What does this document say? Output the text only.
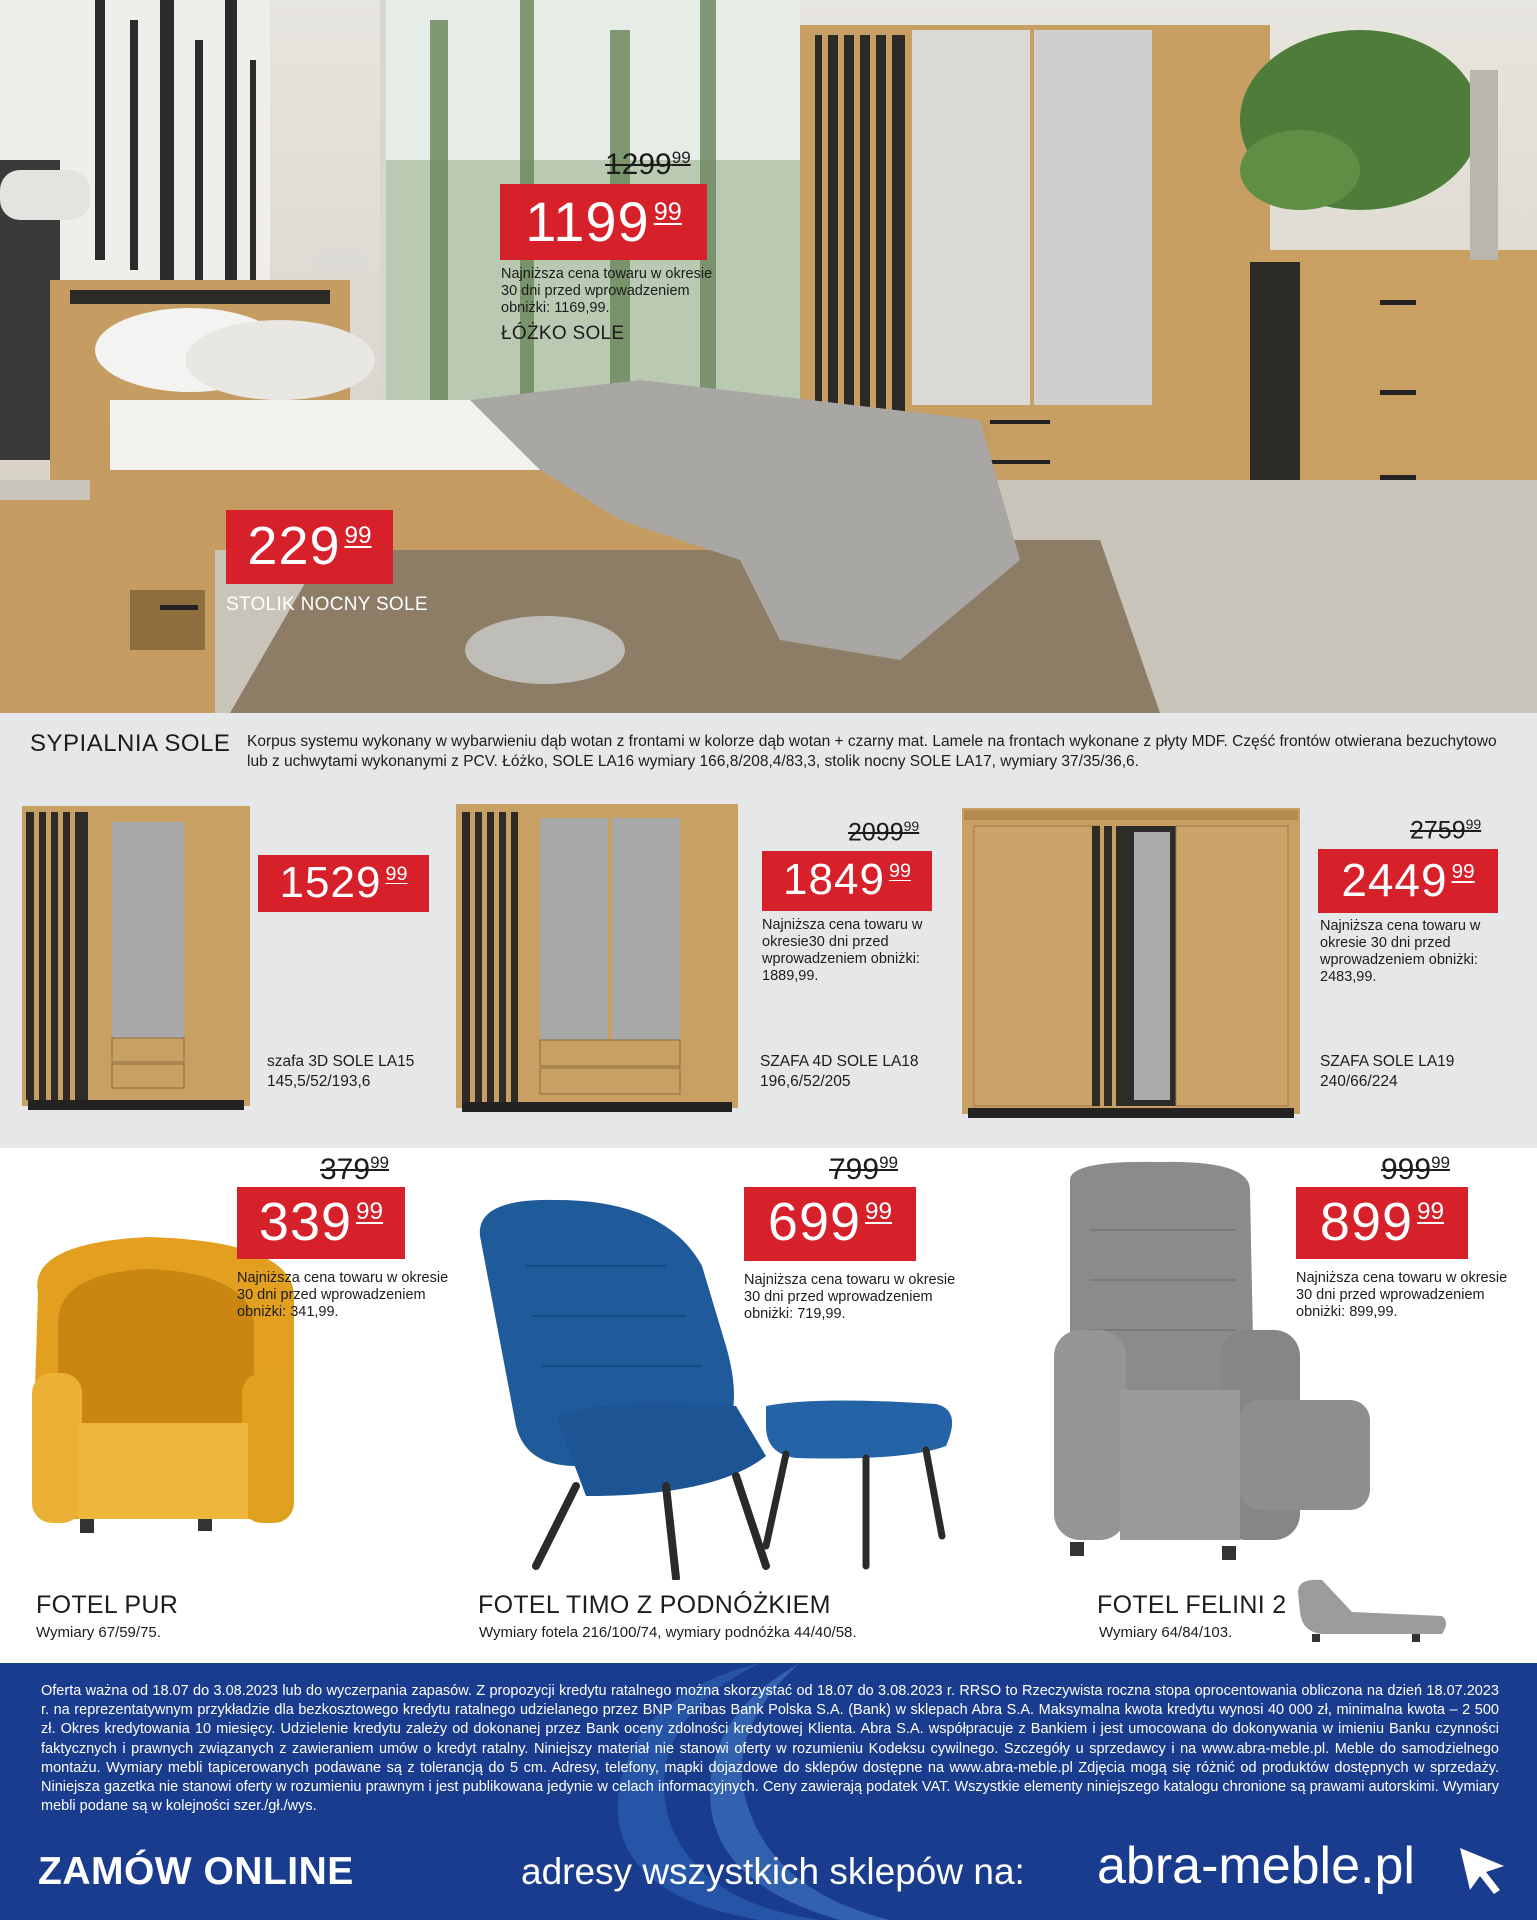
1299$^{99}$
1199 99
Najniższa cena towaru w okresie 30 dni przed wprowadzeniem obniżki: 1169,99.
ŁÓŻKO SOLE
229 99
STOLIK NOCNY SOLE
SYPIALNIA SOLE Korpus systemu wykonany w wybarwieniu dąb wotan z frontami w kolorze dąb wotan + czarny mat. Lamele na frontach wykonane z płyty MDF. Część frontów otwierana bezuchytowo lub z uchwytami wykonanymi z PCV. Łóżko, SOLE LA16 wymiary 166,8/208,4/83,3, stolik nocny SOLE LA17, wymiary 37/35/36,6.
1529 99
szafa 3D SOLE LA15
145,5/52/193,6
2099$^{99}$
1849 99
Najniższa cena towaru w okresie30 dni przed wprowadzeniem obniżki: 1889,99.
SZAFA 4D SOLE LA18
196,6/52/205
2759$^{99}$
2449 99
Najniższa cena towaru w okresie 30 dni przed wprowadzeniem obniżki: 2483,99.
SZAFA SOLE LA19
240/66/224
$379^{99}$
339 99
Najniższa cena towaru w okresie 30 dni przed wprowadzeniem obniżki: 341,99.
FOTEL PUR
Wymiary 67/59/75.
$799^{99}$
699 99
Najniższa cena towaru w okresie 30 dni przed wprowadzeniem obniżki: 719,99.
FOTEL TIMO Z PODNÓŻKIEM
Wymiary fotela 216/100/74, wymiary podnóżka 44/40/58.
$999^{99}$
899 99
Najniższa cena towaru w okresie 30 dni przed wprowadzeniem obniżki: 899,99.
FOTEL FELINI 2
Wymiary 64/84/103.
Oferta ważna od 18.07 do 3.08.2023 lub do wyczerpania zapasów. Z propozycji kredytu ratalnego można skorzystać od 18.07 do 3.08.2023 r. RRSO to Rzeczywista roczna stopa oprocentowania obliczona na dzień 18.07.2023 r. na reprezentatywnym przykładzie dla bezkosztowego kredytu ratalnego udzielanego przez BNP Paribas Bank Polska S.A. (Bank) w sklepach Abra S.A. Maksymalna kwota kredytu wynosi 40 000 zł, minimalna kwota – 2 500 zł. Okres kredytowania 10 miesięcy. Udzielenie kredytu zależy od dokonanej przez Bank oceny zdolności kredytowej Klienta. Abra S.A. współpracuje z Bankiem i jest umocowana do dokonywania w imieniu Banku czynności faktycznych i prawnych związanych z zawieraniem umów o kredyt ratalny. Niniejszy materiał nie stanowi oferty w rozumieniu Kodeksu cywilnego. Szczegóły u sprzedawcy i na www.abra-meble.pl. Meble do samodzielnego montażu. Wymiary mebli tapicerowanych podawane są z tolerancją do 5 cm. Adresy, telefony, mapki dojazdowe do sklepów dostępne na www.abra-meble.pl Zdjęcia mogą się różnić od produktów dostępnych w sprzedaży. Niniejsza gazetka nie stanowi oferty w rozumieniu prawnym i jest publikowana jedynie w celach informacyjnych. Ceny zawierają podatek VAT. Wszystkie elementy niniejszego katalogu chronione są prawami autorskimi. Wymiary mebli podane są w kolejności szer./gł./wys.
ZAMÓW ONLINE	adresy wszystkich sklepów na: abra-meble.pl
